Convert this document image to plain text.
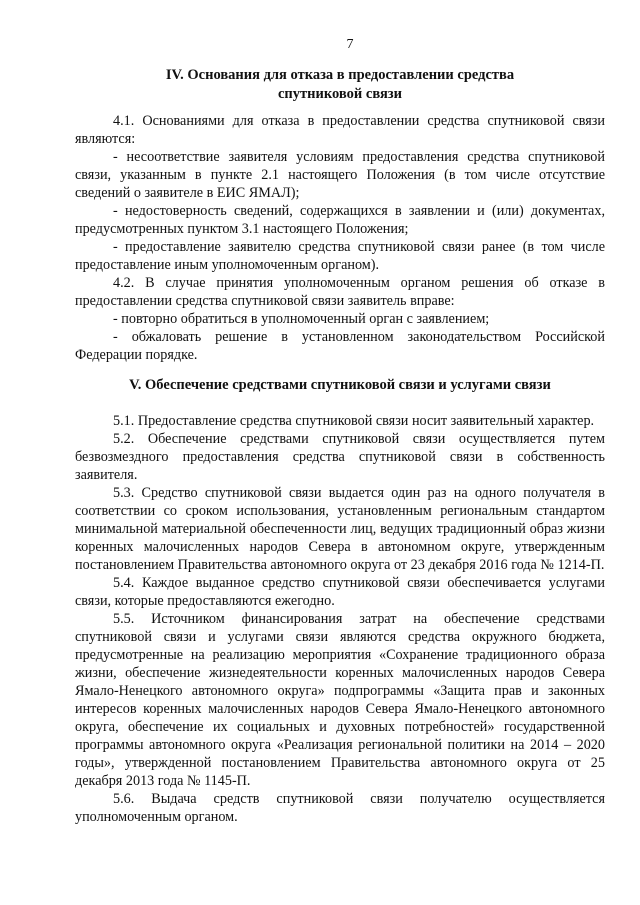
7
IV. Основания для отказа в предоставлении средства
спутниковой связи

4.1. Основаниями для отказа в предоставлении средства спутниковой связи являются:

- несоответствие заявителя условиям предоставления средства спутниковой связи, указанным в пункте 2.1 настоящего Положения (в том числе отсутствие сведений о заявителе в ЕИС ЯМАЛ);

- недостоверность сведений, содержащихся в заявлении и (или) документах, предусмотренных пунктом 3.1 настоящего Положения;

- предоставление заявителю средства спутниковой связи ранее (в том числе предоставление иным уполномоченным органом).

4.2. В случае принятия уполномоченным органом решения об отказе в предоставлении средства спутниковой связи заявитель вправе:

- повторно обратиться в уполномоченный орган с заявлением;

- обжаловать решение в установленном законодательством Российской Федерации порядке.

V. Обеспечение средствами спутниковой связи и услугами связи

5.1. Предоставление средства спутниковой связи носит заявительный характер.

5.2. Обеспечение средствами спутниковой связи осуществляется путем безвозмездного предоставления средства спутниковой связи в собственность заявителя.

5.3. Средство спутниковой связи выдается один раз на одного получателя в соответствии со сроком использования, установленным региональным стандартом минимальной материальной обеспеченности лиц, ведущих традиционный образ жизни коренных малочисленных народов Севера в автономном округе, утвержденным постановлением Правительства автономного округа от 23 декабря 2016 года № 1214-П.

5.4. Каждое выданное средство спутниковой связи обеспечивается услугами связи, которые предоставляются ежегодно.

5.5. Источником финансирования затрат на обеспечение средствами спутниковой связи и услугами связи являются средства окружного бюджета, предусмотренные на реализацию мероприятия «Сохранение традиционного образа жизни, обеспечение жизнедеятельности коренных малочисленных народов Севера Ямало-Ненецкого автономного округа» подпрограммы «Защита прав и законных интересов коренных малочисленных народов Севера Ямало-Ненецкого автономного округа, обеспечение их социальных и духовных потребностей» государственной программы автономного округа «Реализация региональной политики на 2014 – 2020 годы», утвержденной постановлением Правительства автономного округа от 25 декабря 2013 года № 1145-П.

5.6. Выдача средств спутниковой связи получателю осуществляется уполномоченным органом.
